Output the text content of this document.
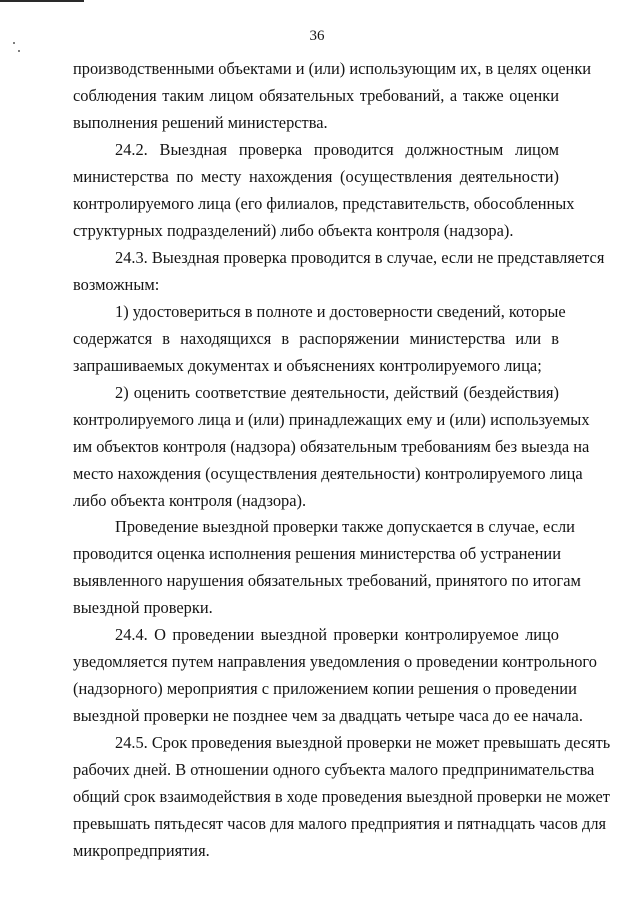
36
производственными объектами и (или) использующим их, в целях оценки
соблюдения таким лицом обязательных требований, а также оценки
выполнения решений министерства.
24.2. Выездная проверка проводится должностным лицом
министерства по месту нахождения (осуществления деятельности)
контролируемого лица (его филиалов, представительств, обособленных
структурных подразделений) либо объекта контроля (надзора).
24.3. Выездная проверка проводится в случае, если не представляется
возможным:
1) удостовериться в полноте и достоверности сведений, которые
содержатся в находящихся в распоряжении министерства или в
запрашиваемых документах и объяснениях контролируемого лица;
2) оценить соответствие деятельности, действий (бездействия)
контролируемого лица и (или) принадлежащих ему и (или) используемых
им объектов контроля (надзора) обязательным требованиям без выезда на
место нахождения (осуществления деятельности) контролируемого лица
либо объекта контроля (надзора).
Проведение выездной проверки также допускается в случае, если
проводится оценка исполнения решения министерства об устранении
выявленного нарушения обязательных требований, принятого по итогам
выездной проверки.
24.4. О проведении выездной проверки контролируемое лицо
уведомляется путем направления уведомления о проведении контрольного
(надзорного) мероприятия с приложением копии решения о проведении
выездной проверки не позднее чем за двадцать четыре часа до ее начала.
24.5. Срок проведения выездной проверки не может превышать десять
рабочих дней. В отношении одного субъекта малого предпринимательства
общий срок взаимодействия в ходе проведения выездной проверки не может
превышать пятьдесят часов для малого предприятия и пятнадцать часов для
микропредприятия.
